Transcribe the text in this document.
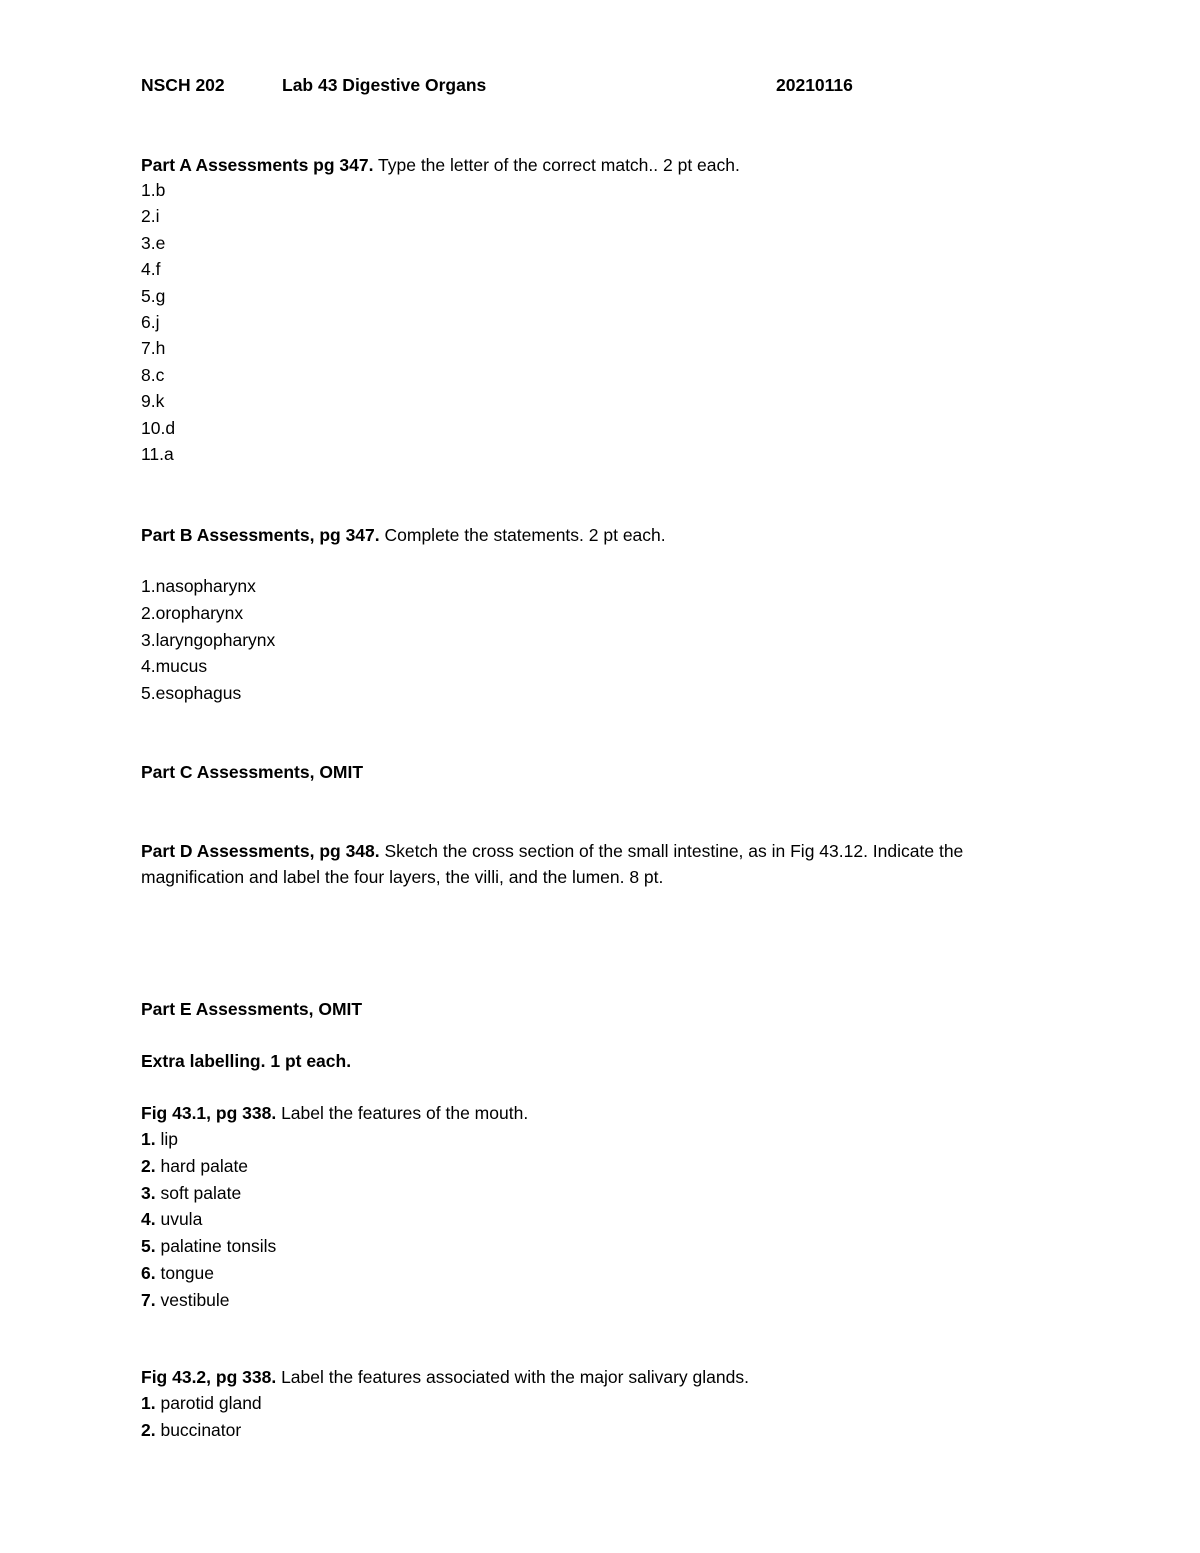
NSCH 202	Lab 43 Digestive Organs	20210116
Part A Assessments pg 347. Type the letter of the correct match.. 2 pt each.
1.b
2.i
3.e
4.f
5.g
6.j
7.h
8.c
9.k
10.d
11.a
Part B Assessments, pg 347. Complete the statements. 2 pt each.
1.nasopharynx
2.oropharynx
3.laryngopharynx
4.mucus
5.esophagus
Part C Assessments, OMIT
Part D Assessments, pg 348. Sketch the cross section of the small intestine, as in Fig 43.12. Indicate the magnification and label the four layers, the villi, and the lumen. 8 pt.
Part E Assessments, OMIT
Extra labelling. 1 pt each.
Fig 43.1, pg 338. Label the features of the mouth.
1. lip
2. hard palate
3. soft palate
4. uvula
5. palatine tonsils
6. tongue
7. vestibule
Fig 43.2, pg 338. Label the features associated with the major salivary glands.
1. parotid gland
2. buccinator
